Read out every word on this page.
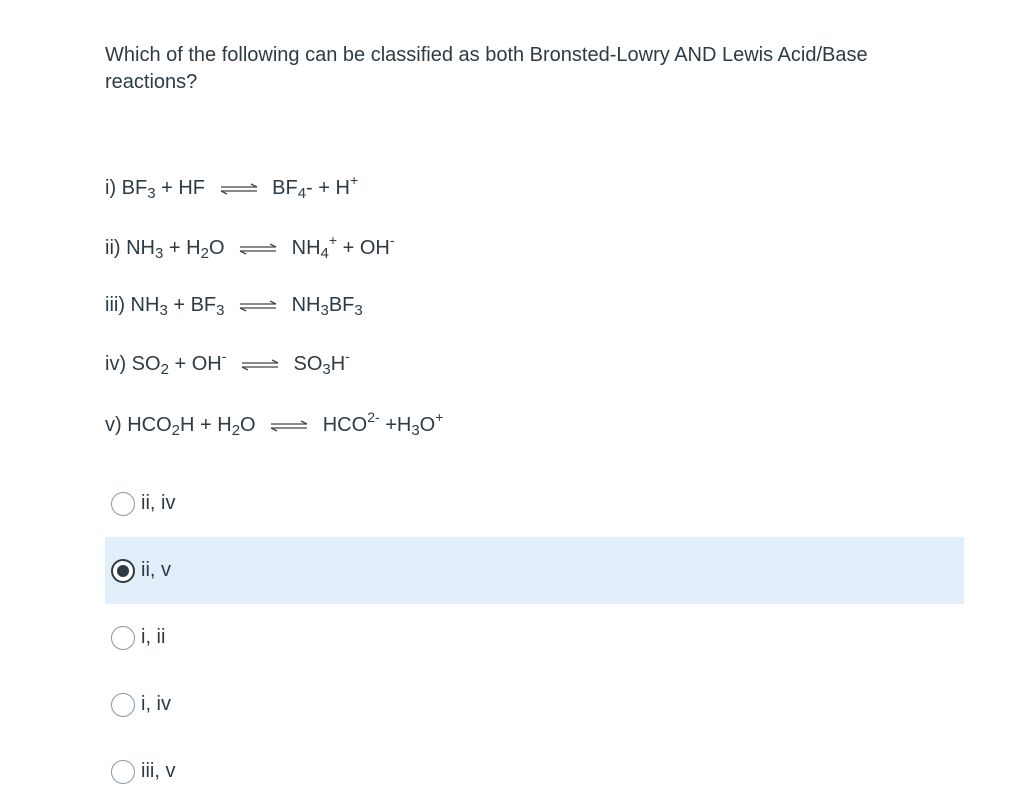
Which of the following can be classified as both Bronsted-Lowry AND Lewis Acid/Base reactions?
i) $BF_3$ + HF ⇌ $BF_4- + H^+$
ii) $NH_3 + H_2O$ ⇌ $NH_4^+ + OH^-$
iii) $NH_3 + BF_3$ ⇌ $NH_3BF_3$
iv) $SO_2 + OH^-$ ⇌ $SO_3H^-$
v) $HCO_2H + H_2O$ ⇌ $HCO^{2-} +H_3O^+$
ii, iv
ii, v
i, ii
i, iv
iii, v
